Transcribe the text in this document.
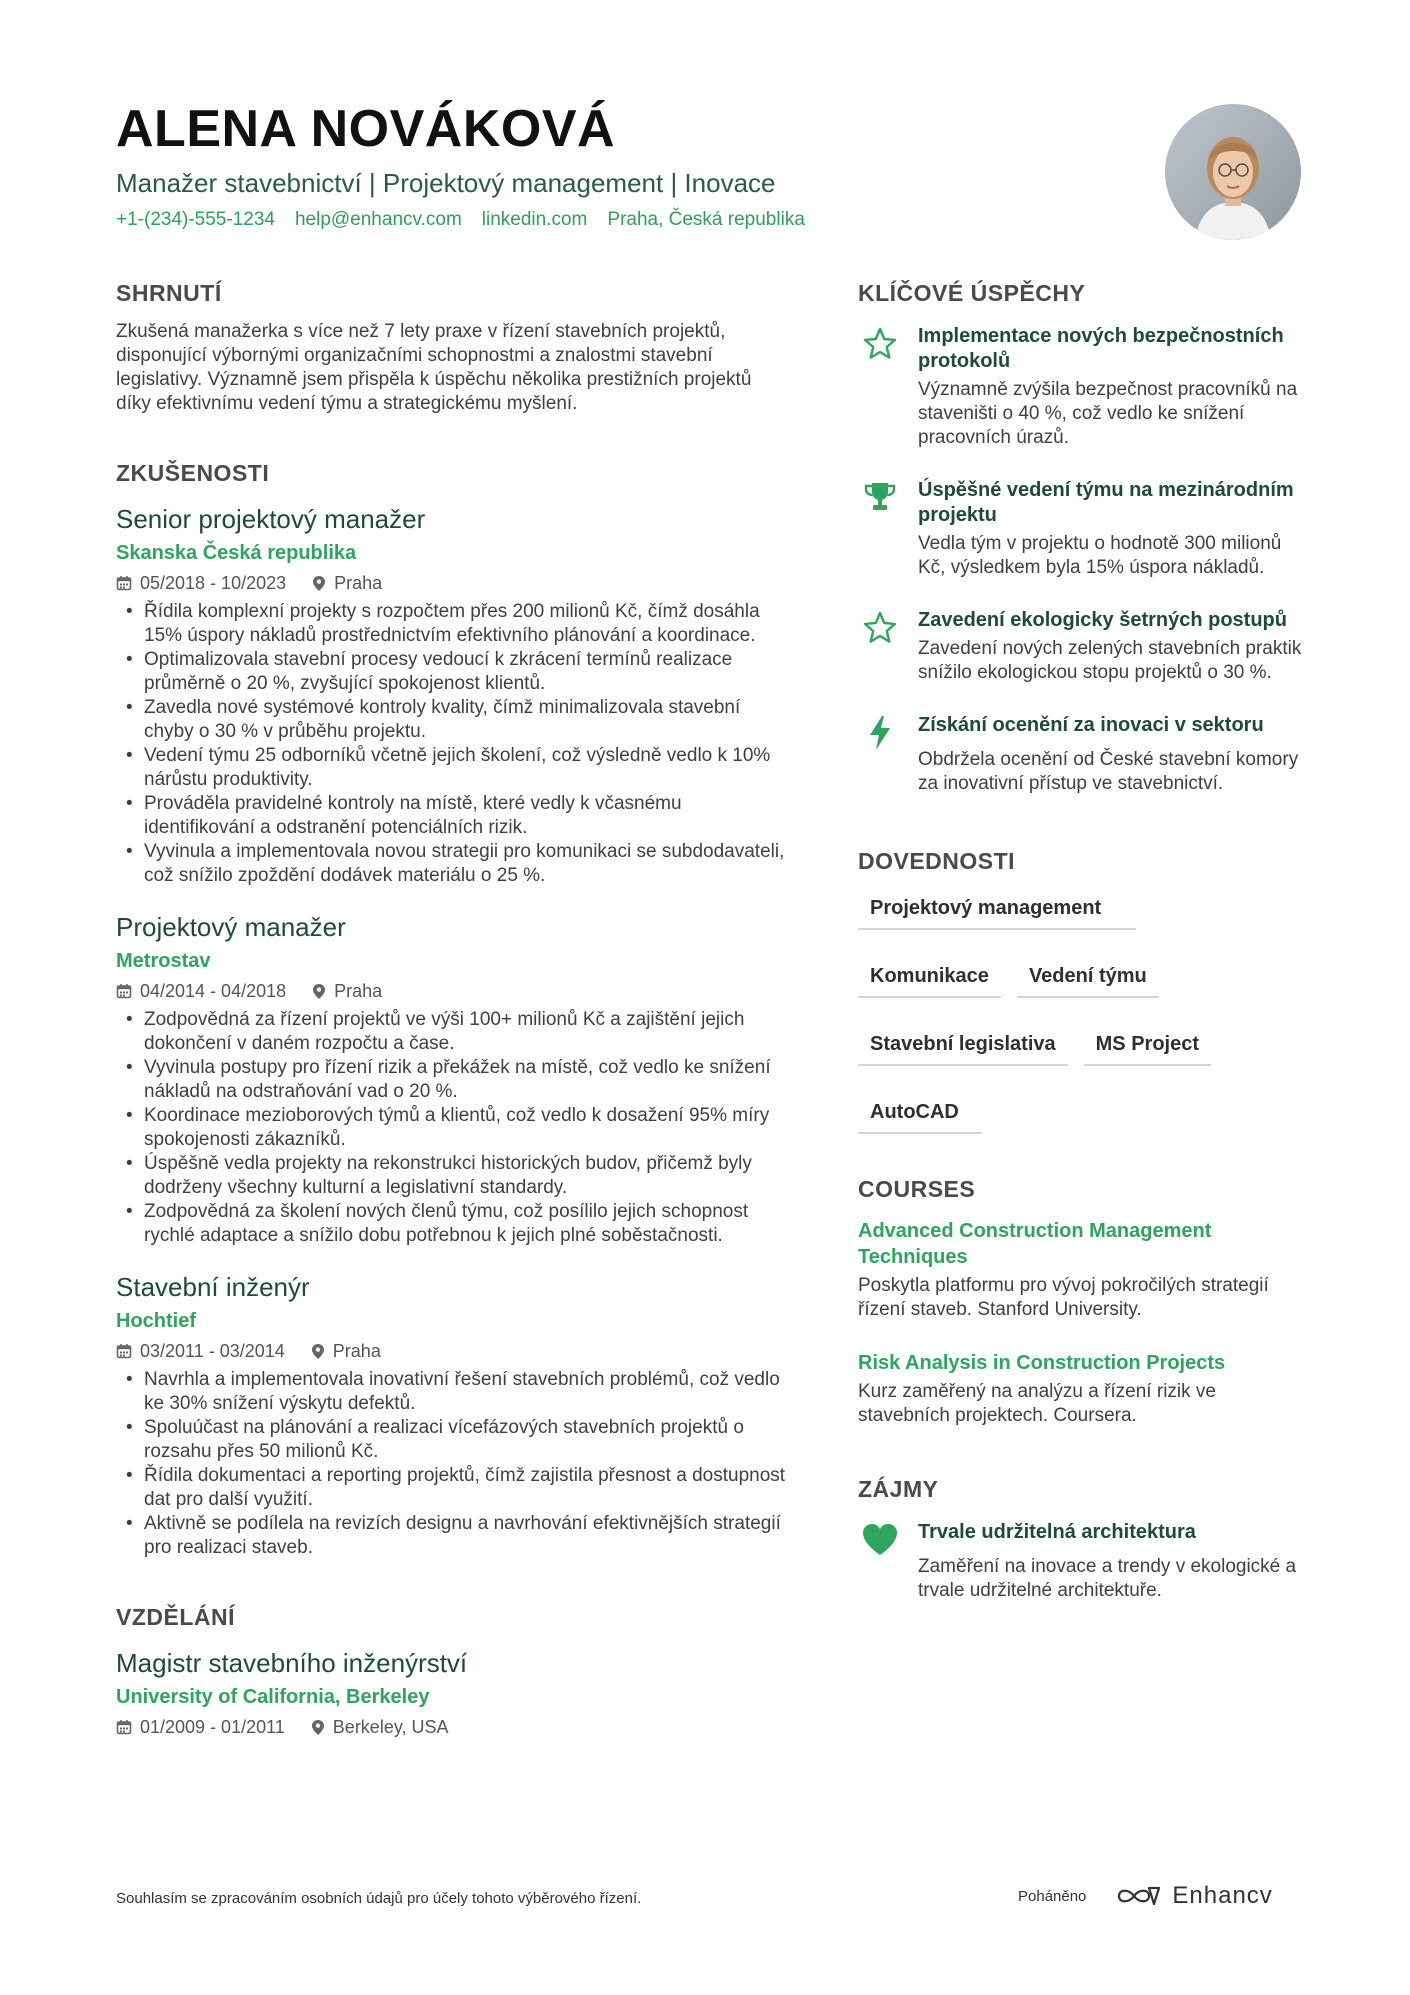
ALENA NOVÁKOVÁ
Manažer stavebnictví | Projektový management | Inovace
+1-(234)-555-1234 help@enhancv.com linkedin.com Praha, Česká republika
SHRNUTÍ
Zkušená manažerka s více než 7 lety praxe v řízení stavebních projektů, disponující výbornými organizačními schopnostmi a znalostmi stavební legislativy. Významně jsem přispěla k úspěchu několika prestižních projektů díky efektivnímu vedení týmu a strategickému myšlení.
ZKUŠENOSTI
Senior projektový manažer
Skanska Česká republika
05/2018 - 10/2023	Praha
• Řídila komplexní projekty s rozpočtem přes 200 milionů Kč, čímž dosáhla 15% úspory nákladů prostřednictvím efektivního plánování a koordinace.
• Optimalizovala stavební procesy vedoucí k zkrácení termínů realizace průměrně o 20 %, zvyšující spokojenost klientů.
• Zavedla nové systémové kontroly kvality, čímž minimalizovala stavební chyby o 30 % v průběhu projektu.
• Vedení týmu 25 odborníků včetně jejich školení, což výsledně vedlo k 10% nárůstu produktivity.
• Prováděla pravidelné kontroly na místě, které vedly k včasnému identifikování a odstranění potenciálních rizik.
• Vyvinula a implementovala novou strategii pro komunikaci se subdodavateli, což snížilo zpoždění dodávek materiálu o 25 %.
Projektový manažer
Metrostav
04/2014 - 04/2018	Praha
• Zodpovědná za řízení projektů ve výši 100+ milionů Kč a zajištění jejich dokončení v daném rozpočtu a čase.
• Vyvinula postupy pro řízení rizik a překážek na místě, což vedlo ke snížení nákladů na odstraňování vad o 20 %.
• Koordinace mezioborových týmů a klientů, což vedlo k dosažení 95% míry spokojenosti zákazníků.
• Úspěšně vedla projekty na rekonstrukci historických budov, přičemž byly dodrženy všechny kulturní a legislativní standardy.
• Zodpovědná za školení nových členů týmu, což posílilo jejich schopnost rychlé adaptace a snížilo dobu potřebnou k jejich plné soběstačnosti.
Stavební inženýr
Hochtief
03/2011 - 03/2014	Praha
• Navrhla a implementovala inovativní řešení stavebních problémů, což vedlo ke 30% snížení výskytu defektů.
• Spoluúčast na plánování a realizaci vícefázových stavebních projektů o rozsahu přes 50 milionů Kč.
• Řídila dokumentaci a reporting projektů, čímž zajistila přesnost a dostupnost dat pro další využití.
• Aktivně se podílela na revizích designu a navrhování efektivnějších strategií pro realizaci staveb.
VZDĚLÁNÍ
Magistr stavebního inženýrství
University of California, Berkeley
01/2009 - 01/2011	Berkeley, USA
KLÍČOVÉ ÚSPĚCHY
Implementace nových bezpečnostních protokolů
Významně zvýšila bezpečnost pracovníků na staveništi o 40 %, což vedlo ke snížení pracovních úrazů.
Úspěšné vedení týmu na mezinárodním projektu
Vedla tým v projektu o hodnotě 300 milionů Kč, výsledkem byla 15% úspora nákladů.
Zavedení ekologicky šetrných postupů
Zavedení nových zelených stavebních praktik snížilo ekologickou stopu projektů o 30 %.
Získání ocenění za inovaci v sektoru
Obdržela ocenění od České stavební komory za inovativní přístup ve stavebnictví.
DOVEDNOSTI
Projektový management
Komunikace	Vedení týmu
Stavební legislativa	MS Project
AutoCAD
COURSES
Advanced Construction Management Techniques
Poskytla platformu pro vývoj pokročilých strategií řízení staveb. Stanford University.
Risk Analysis in Construction Projects
Kurz zaměřený na analýzu a řízení rizik ve stavebních projektech. Coursera.
ZÁJMY
Trvale udržitelná architektura
Zaměření na inovace a trendy v ekologické a trvale udržitelné architektuře.
Souhlasím se zpracováním osobních údajů pro účely tohoto výběrového řízení.	Poháněno	Enhancv
